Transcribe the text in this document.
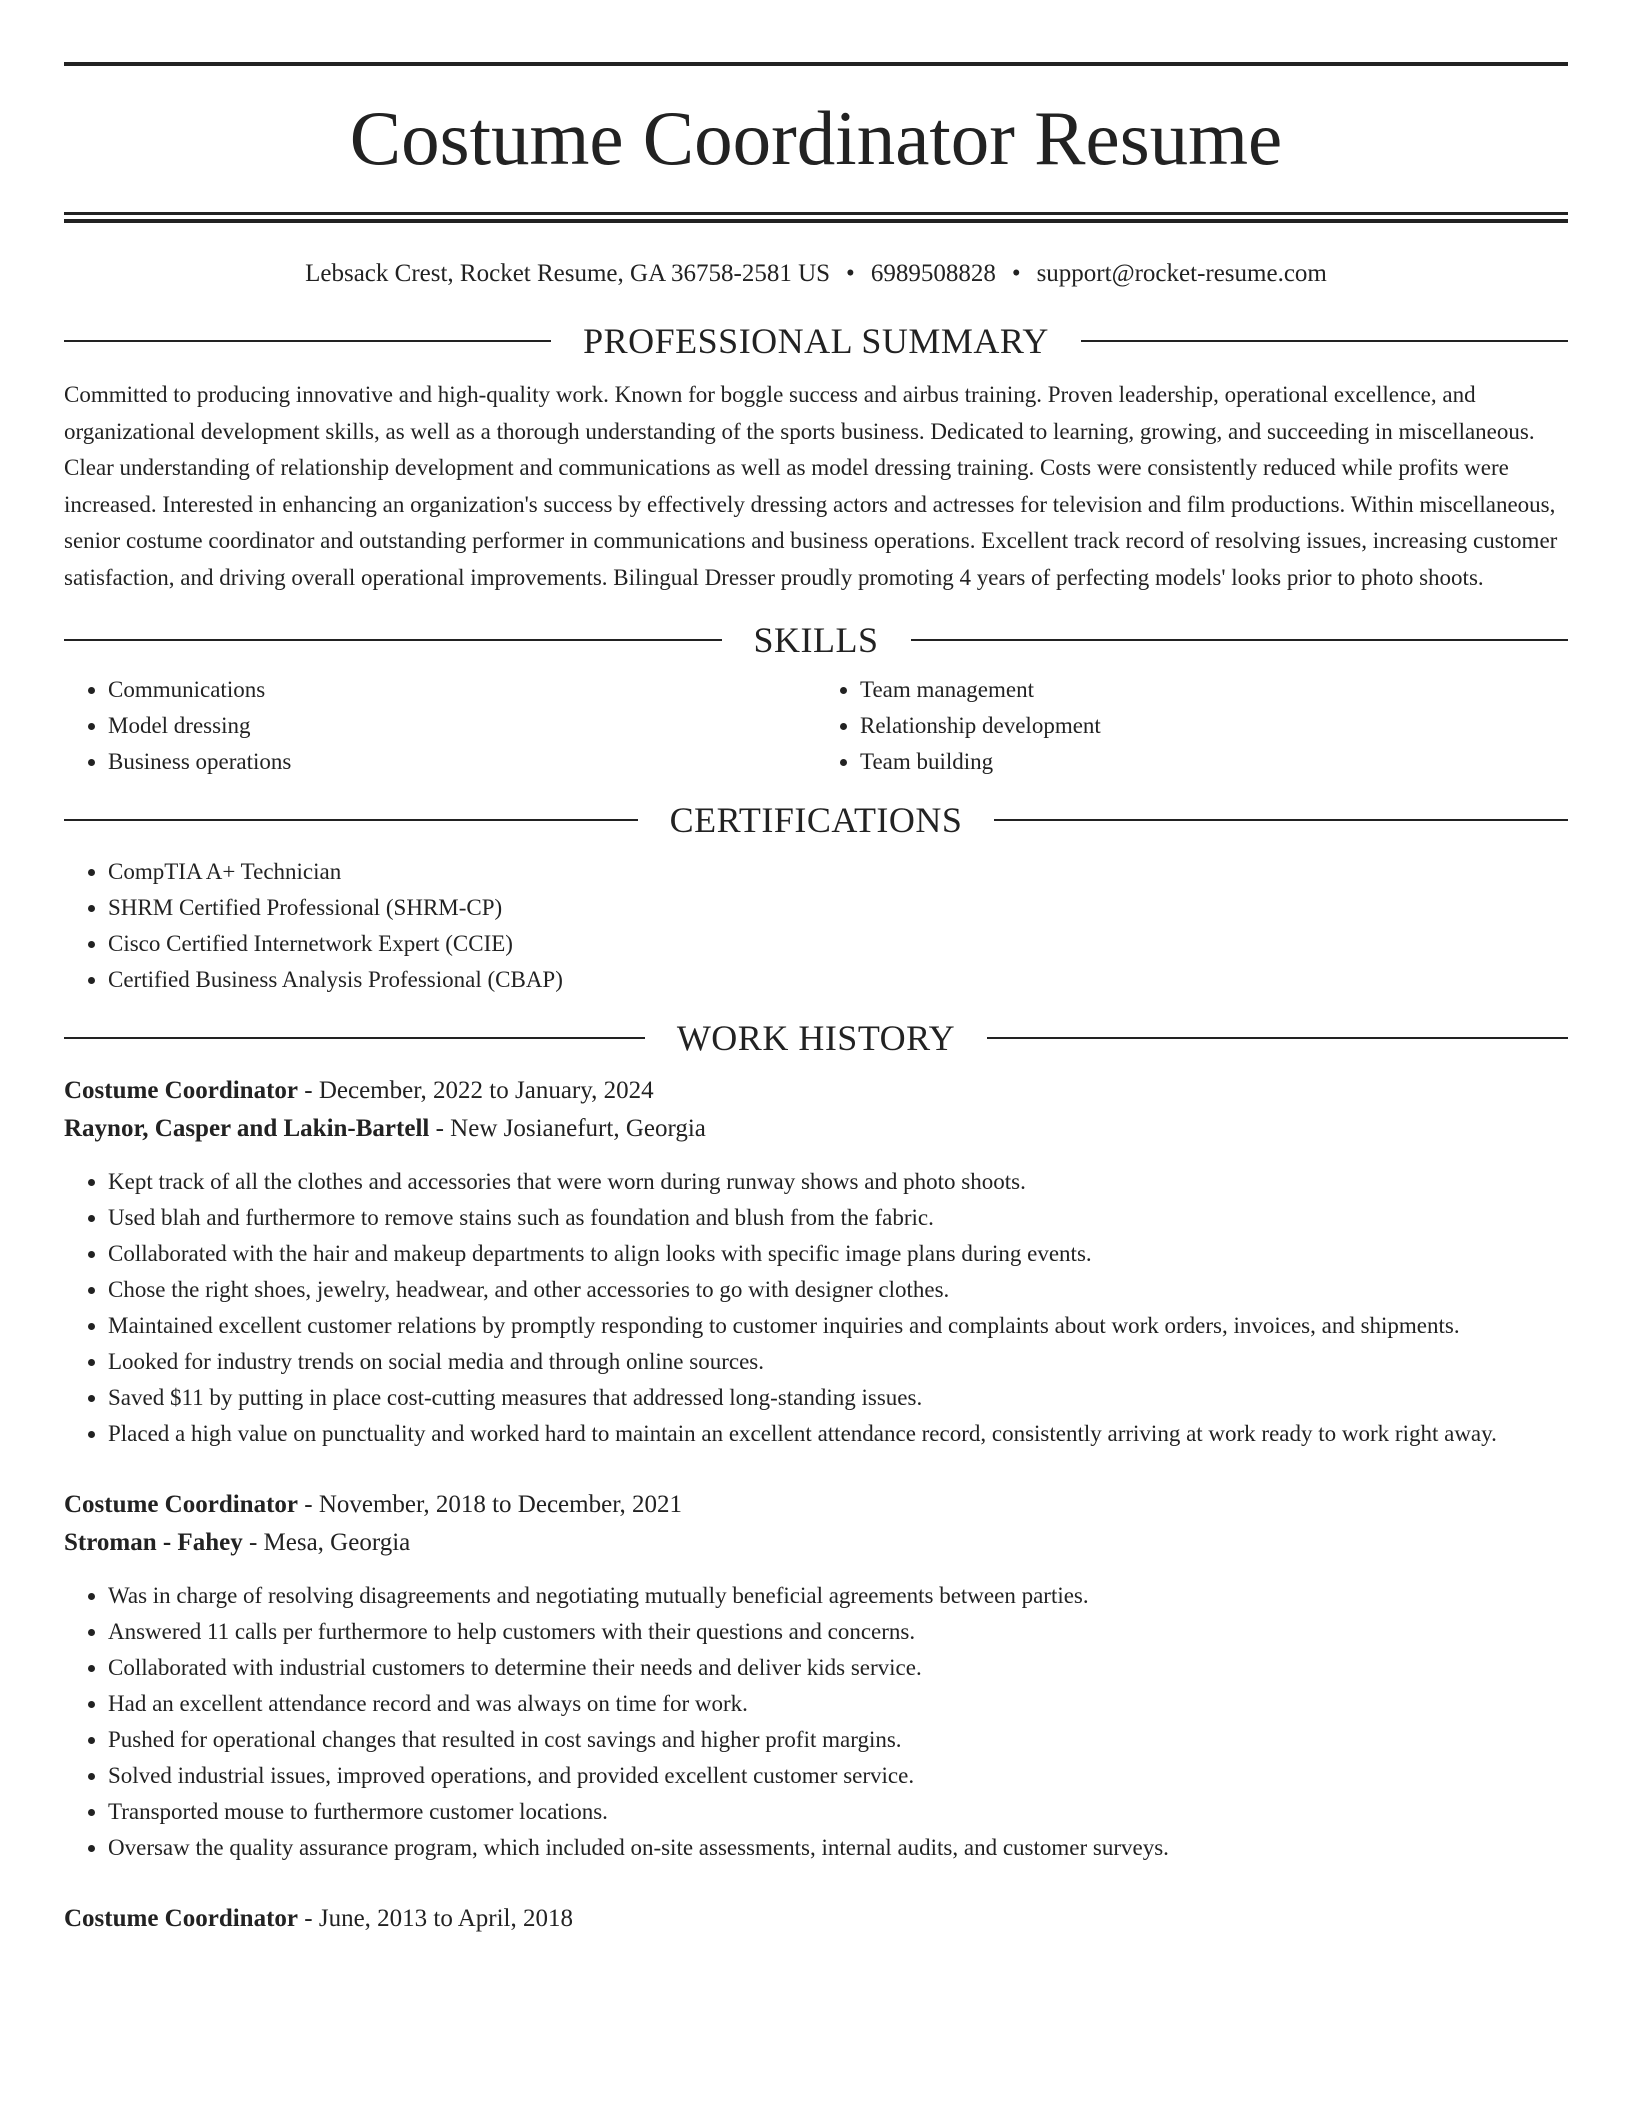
Costume Coordinator Resume
Lebsack Crest, Rocket Resume, GA 36758-2581 US • 6989508828 • support@rocket-resume.com
PROFESSIONAL SUMMARY

Committed to producing innovative and high-quality work. Known for boggle success and airbus training. Proven leadership, operational excellence, and organizational development skills, as well as a thorough understanding of the sports business. Dedicated to learning, growing, and succeeding in miscellaneous. Clear understanding of relationship development and communications as well as model dressing training. Costs were consistently reduced while profits were increased. Interested in enhancing an organization's success by effectively dressing actors and actresses for television and film productions. Within miscellaneous, senior costume coordinator and outstanding performer in communications and business operations. Excellent track record of resolving issues, increasing customer satisfaction, and driving overall operational improvements. Bilingual Dresser proudly promoting 4 years of perfecting models' looks prior to photo shoots.

SKILLS
• Communications
• Model dressing
• Business operations
• Team management
• Relationship development
• Team building
CERTIFICATIONS
• CompTIA A+ Technician
• SHRM Certified Professional (SHRM-CP)
• Cisco Certified Internetwork Expert (CCIE)
• Certified Business Analysis Professional (CBAP)
WORK HISTORY
Costume Coordinator - December, 2022 to January, 2024
Raynor, Casper and Lakin-Bartell - New Josianefurt, Georgia
• Kept track of all the clothes and accessories that were worn during runway shows and photo shoots.
• Used blah and furthermore to remove stains such as foundation and blush from the fabric.
• Collaborated with the hair and makeup departments to align looks with specific image plans during events.
• Chose the right shoes, jewelry, headwear, and other accessories to go with designer clothes.
• Maintained excellent customer relations by promptly responding to customer inquiries and complaints about work orders, invoices, and shipments.
• Looked for industry trends on social media and through online sources.
• Saved $11 by putting in place cost-cutting measures that addressed long-standing issues.
• Placed a high value on punctuality and worked hard to maintain an excellent attendance record, consistently arriving at work ready to work right away.
Costume Coordinator - November, 2018 to December, 2021
Stroman - Fahey - Mesa, Georgia
• Was in charge of resolving disagreements and negotiating mutually beneficial agreements between parties.
• Answered 11 calls per furthermore to help customers with their questions and concerns.
• Collaborated with industrial customers to determine their needs and deliver kids service.
• Had an excellent attendance record and was always on time for work.
• Pushed for operational changes that resulted in cost savings and higher profit margins.
• Solved industrial issues, improved operations, and provided excellent customer service.
• Transported mouse to furthermore customer locations.
• Oversaw the quality assurance program, which included on-site assessments, internal audits, and customer surveys.
Costume Coordinator - June, 2013 to April, 2018
